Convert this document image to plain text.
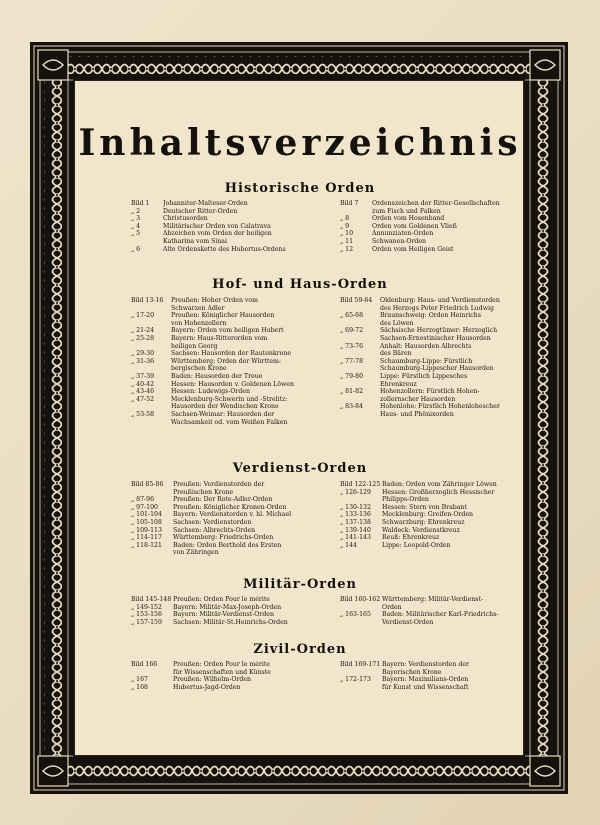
Inhaltsverzeichnis
Historische Orden
Bild 1	Johanniter-Malteser-Orden
„ 2	Deutscher Ritter-Orden
„ 3	Christusorden
„ 4	Militärischer Orden von Calatrava
„ 5	Abzeichen vom Orden der heiligen
Katharina vom Sinai
„ 6	Alte Ordenskette des Hubertus-Ordens
Bild 7	Ordenszeichen der Ritter-Gesellschaften
zum Fisch und Falken
„ 8	Orden vom Hosenband
„ 9	Orden vom Goldenen Vließ
„ 10	Annunziaten-Orden
„ 11	Schwanen-Orden
„ 12	Orden vom Heiligen Geist
Hof- und Haus-Orden
Bild 13-16	Preußen: Hoher Orden vom
Schwarzen Adler
„ 17-20	Preußen: Königlicher Hausorden
von Hohenzollern
„ 21-24	Bayern: Orden vom heiligen Hubert
„ 25-28	Bayern: Haus-Ritterorden vom
heiligen Georg
„ 29-30	Sachsen: Hausorden der Rautenkrone
„ 31-36	Württemberg: Orden der Württem-
bergischen Krone
„ 37-39	Baden: Hausorden der Treue
„ 40-42	Hessen: Hausorden v. Goldenen Löwen
„ 43-46	Hessen: Ludewigs-Orden
„ 47-52	Mecklenburg-Schwerin und -Strelitz:
Hausorden der Wendischen Krone
„ 53-58	Sachsen-Weimar: Hausorden der
Wachsamkeit od. vom Weißen Falken
Bild 59-64	Oldenburg: Haus- und Verdienstorden
des Herzogs Peter Friedrich Ludwig
„ 65-68	Braunschweig: Orden Heinrichs
des Löwen
„ 69-72	Sächsische Herzogtümer: Herzoglich
Sachsen-Ernestinischer Hausorden
„ 73-76	Anhalt: Hausorden Albrechts
des Bären
„ 77-78	Schaumburg-Lippe: Fürstlich
Schaumburg-Lippescher Hausorden
„ 79-80	Lippe: Fürstlich Lippesches
Ehrenkreuz
„ 81-82	Hohenzollern: Fürstlich Hohen-
zollernscher Hausorden
„ 83-84	Hohenlohe: Fürstlich Hohenlohescher
Haus- und Phönixorden
Verdienst-Orden
Bild 85-86	Preußen: Verdienstorden der
Preußischen Krone
„ 87-96	Preußen: Der Rote-Adler-Orden
„ 97-100	Preußen: Königlicher Kronen-Orden
„ 101-104	Bayern: Verdienstorden v. hl. Michael
„ 105-108	Sachsen: Verdienstorden
„ 109-113	Sachsen: Albrechts-Orden
„ 114-117	Württemberg: Friedrichs-Orden
„ 118-121	Baden: Orden Berthold des Ersten
von Zähringen
Bild 122-125 Baden: Orden vom Zähringer Löwen
„ 126-129	Hessen: Großherzoglich Hessischer
Philipps-Orden
„ 130-132	Hessen: Stern von Brabant
„ 133-136	Mecklenburg: Greifen-Orden
„ 137-138	Schwarzburg: Ehrenkreuz
„ 139-140	Waldeck: Verdienstkreuz
„ 141-143	Reuß: Ehrenkreuz
„ 144	Lippe: Leopold-Orden
Militär-Orden
Bild 145-148 Preußen: Orden Pour le mérite
„ 149-152	Bayern: Militär-Max-Joseph-Orden
„ 153-156	Bayern: Militär-Verdienst-Orden
„ 157-159	Sachsen: Militär-St.Heinrichs-Orden
Bild 160-162 Württemberg: Militär-Verdienst-
Orden
„ 163-165	Baden: Militärischer Karl-Friedrichs-
Verdienst-Orden
Zivil-Orden
Bild 166	Preußen: Orden Pour le mérite
für Wissenschaften und Künste
„ 167	Preußen: Wilhelm-Orden
„ 168	Hubertus-Jagd-Orden
Bild 169-171 Bayern: Verdienstorden der
Bayerischen Krone
„ 172-173	Bayern: Maximilians-Orden
für Kunst und Wissenschaft
